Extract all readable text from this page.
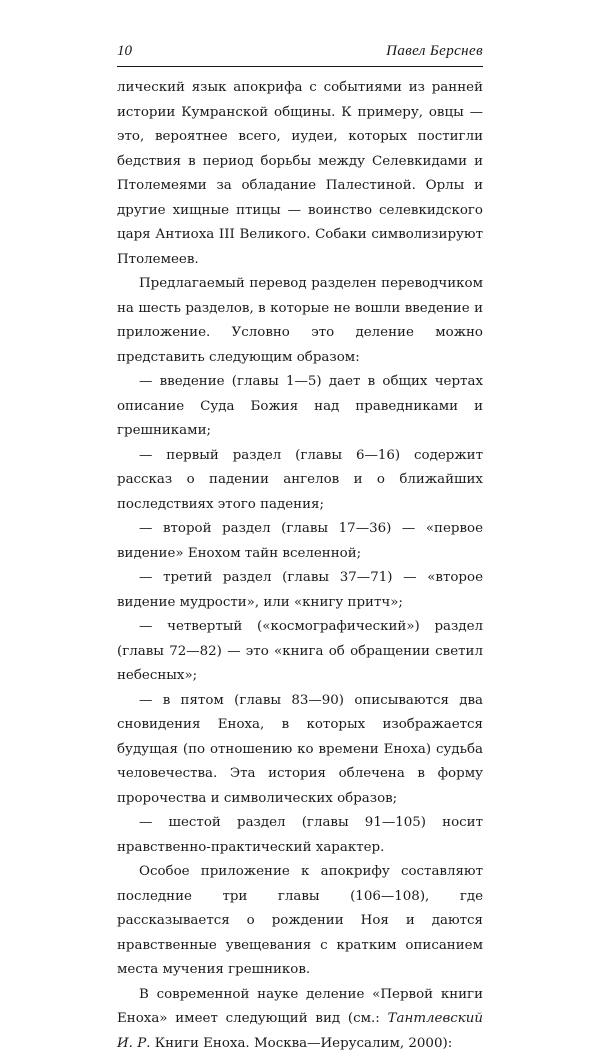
10	Павел Берснев

лический язык апокрифа с событиями из ранней истории Кумранской общины. К примеру, овцы — это, вероятнее всего, иудеи, которых постигли бедствия в период борьбы между Селевкидами и Птолемеями за обладание Палестиной. Орлы и другие хищные птицы — воинство селевкидского царя Антиоха III Великого. Собаки символизируют Птолемеев.

Предлагаемый перевод разделен переводчиком на шесть разделов, в которые не вошли введение и приложение. Условно это деление можно представить следующим образом:

— введение (главы 1—5) дает в общих чертах описание Суда Божия над праведниками и грешниками;

— первый раздел (главы 6—16) содержит рассказ о падении ангелов и о ближайших последствиях этого падения;

— второй раздел (главы 17—36) — «первое видение» Енохом тайн вселенной;

— третий раздел (главы 37—71) — «второе видение мудрости», или «книгу притч»;

— четвертый («космографический») раздел (главы 72—82) — это «книга об обращении светил небесных»;

— в пятом (главы 83—90) описываются два сновидения Еноха, в которых изображается будущая (по отношению ко времени Еноха) судьба человечества. Эта история облечена в форму пророчества и символических образов;

— шестой раздел (главы 91—105) носит нравственно-практический характер.

Особое приложение к апокрифу составляют последние три главы (106—108), где рассказывается о рождении Ноя и даются нравственные увещевания с кратким описанием места мучения грешников.

В современной науке деление «Первой книги Еноха» имеет следующий вид (см.: Тантлевский И. Р. Книги Еноха. Москва—Иерусалим, 2000):
